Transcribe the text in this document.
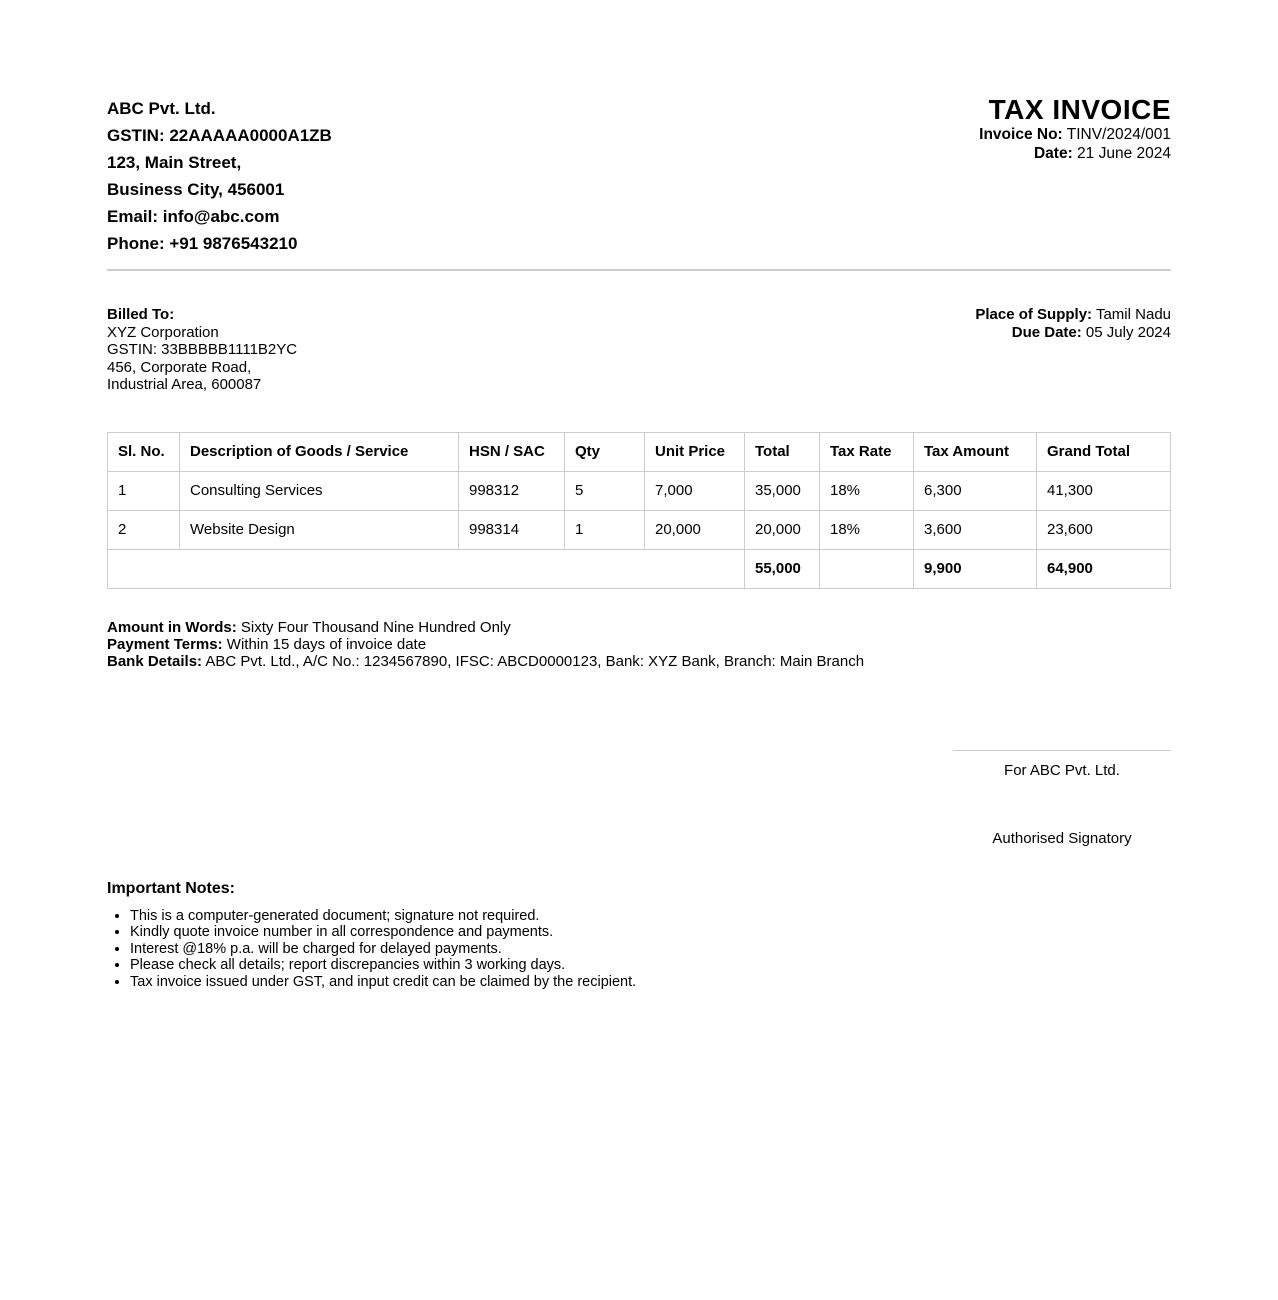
ABC Pvt. Ltd.
GSTIN: 22AAAAA0000A1ZB
123, Main Street,
Business City, 456001
Email: info@abc.com
Phone: +91 9876543210
TAX INVOICE
Invoice No: TINV/2024/001
Date: 21 June 2024
Billed To:
XYZ Corporation
GSTIN: 33BBBBB1111B2YC
456, Corporate Road,
Industrial Area, 600087
Place of Supply: Tamil Nadu
Due Date: 05 July 2024
Sl. No.	Description of Goods / Service	HSN / SAC	Qty	Unit Price	Total	Tax Rate	Tax Amount	Grand Total
1	Consulting Services	998312	5	7,000	35,000	18%	6,300	41,300
2	Website Design	998314	1	20,000	20,000	18%	3,600	23,600
					55,000		9,900	64,900
Amount in Words: Sixty Four Thousand Nine Hundred Only
Payment Terms: Within 15 days of invoice date
Bank Details: ABC Pvt. Ltd., A/C No.: 1234567890, IFSC: ABCD0000123, Bank: XYZ Bank, Branch: Main Branch
For ABC Pvt. Ltd.
Authorised Signatory
Important Notes:
• This is a computer-generated document; signature not required.
• Kindly quote invoice number in all correspondence and payments.
• Interest @18% p.a. will be charged for delayed payments.
• Please check all details; report discrepancies within 3 working days.
• Tax invoice issued under GST, and input credit can be claimed by the recipient.
